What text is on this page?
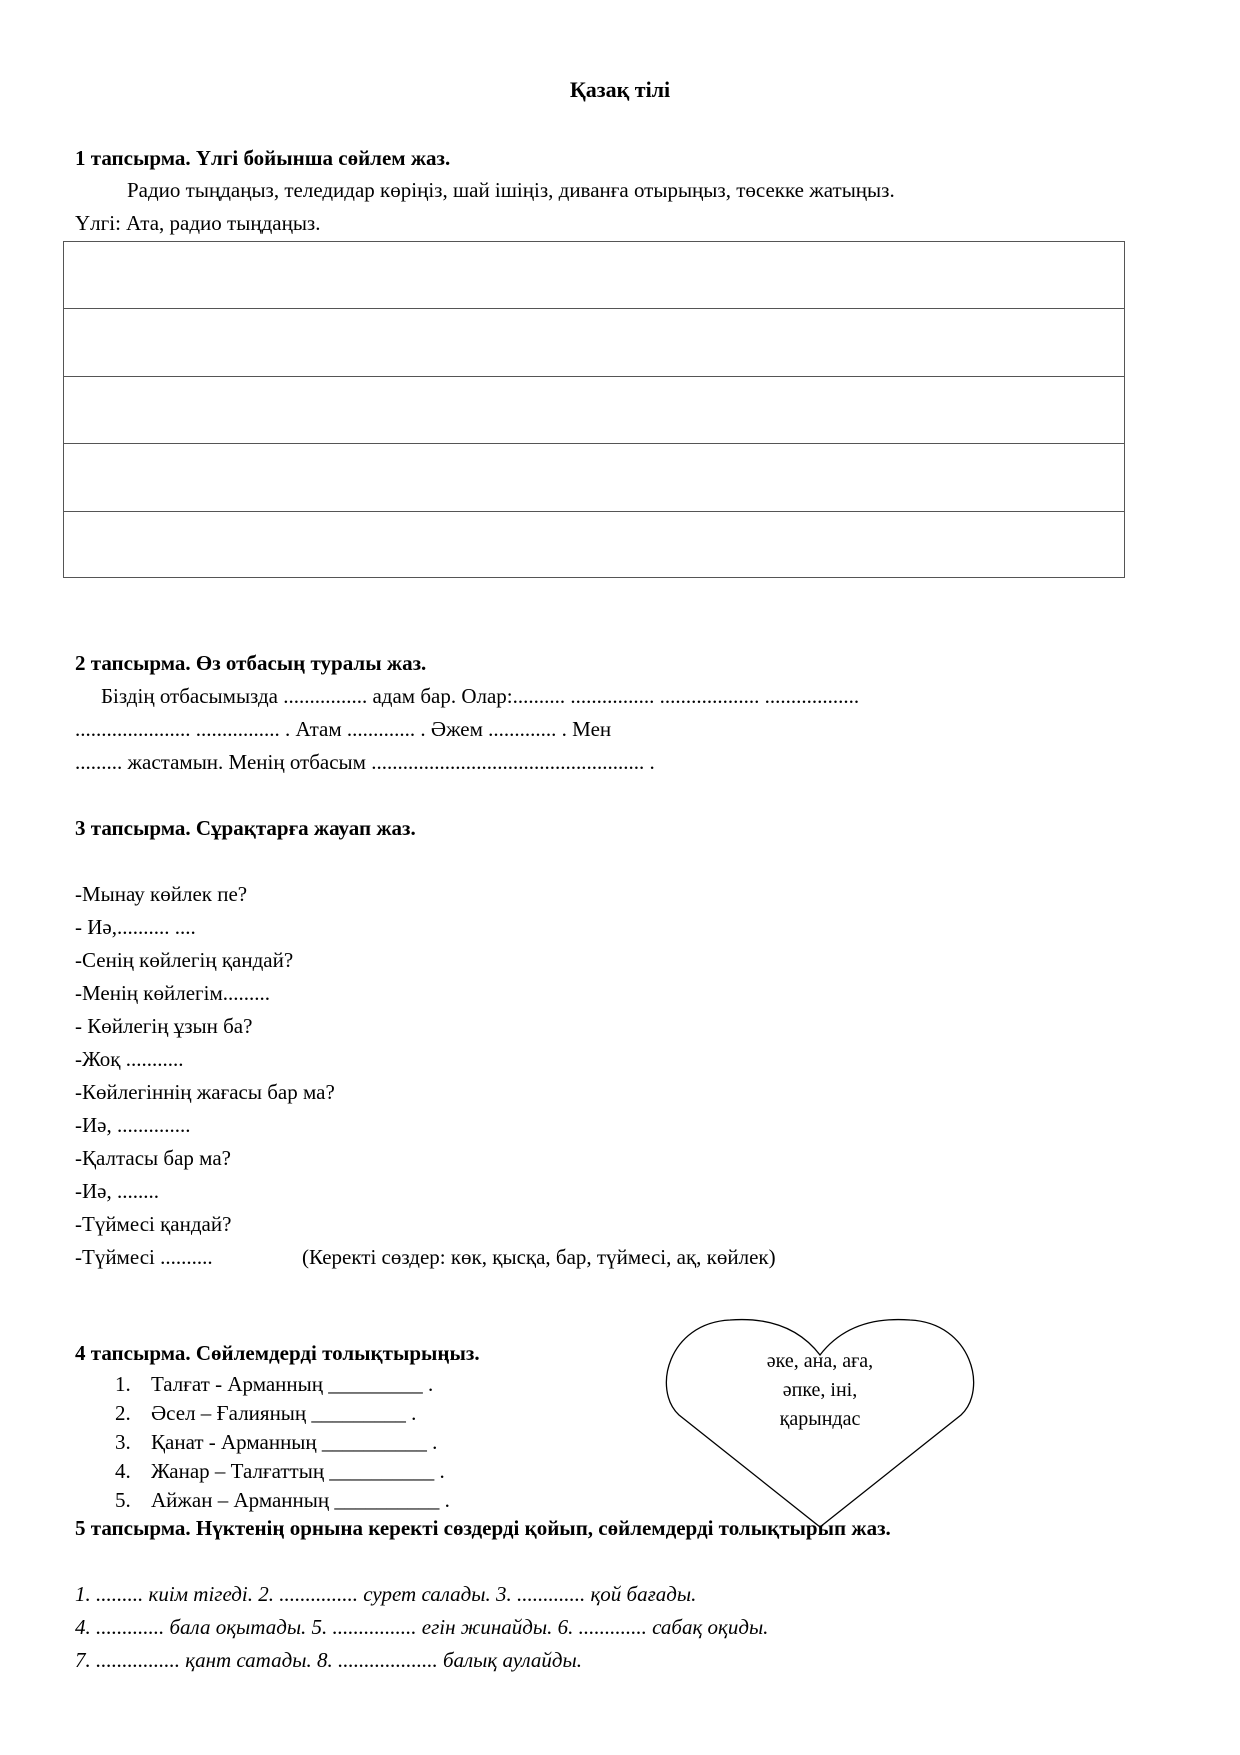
Қазақ тілі
1 тапсырма. Үлгі бойынша сөйлем жаз.
Радио тыңдаңыз, теледидар көріңіз, шай ішіңіз, диванға отырыңыз, төсекке жатыңыз.
Үлгі: Ата, радио тыңдаңыз.
2 тапсырма. Өз отбасың туралы жаз.
Біздің отбасымызда ................ адам бар. Олар:.......... ................ ................... ..................
...................... ................ . Атам ............. . Әжем ............. . Мен
......... жастамын. Менің отбасым .................................................... .
3 тапсырма. Сұрақтарға жауап жаз.
-Мынау көйлек пе?
- Иә,.......... ....
-Сенің көйлегің қандай?
-Менің көйлегім.........
- Көйлегің ұзын ба?
-Жоқ ...........
-Көйлегіннің жағасы бар ма?
-Иә, ..............
-Қалтасы бар ма?
-Иә, ........
-Түймесі қандай?
-Түймесі ..........	(Керекті сөздер: көк, қысқа, бар, түймесі, ақ, көйлек)
әке, ана, аға,
әпке, іні,
қарындас
4 тапсырма. Сөйлемдерді толықтырыңыз.
1. Талғат - Арманның _________ .
2. Әсел – Ғалияның _________ .
3. Қанат - Арманның __________ .
4. Жанар – Талғаттың __________ .
5. Айжан – Арманның __________ .
5 тапсырма. Нүктенің орнына керекті сөздерді қойып, сөйлемдерді толықтырып жаз.
1. ......... киім тігеді. 2. ............... сурет салады. 3. ............. қой бағады.
4. ............. бала оқытады. 5. ................ егін жинайды. 6. ............. сабақ оқиды.
7. ................ қант сатады. 8. ................... балық аулайды.
